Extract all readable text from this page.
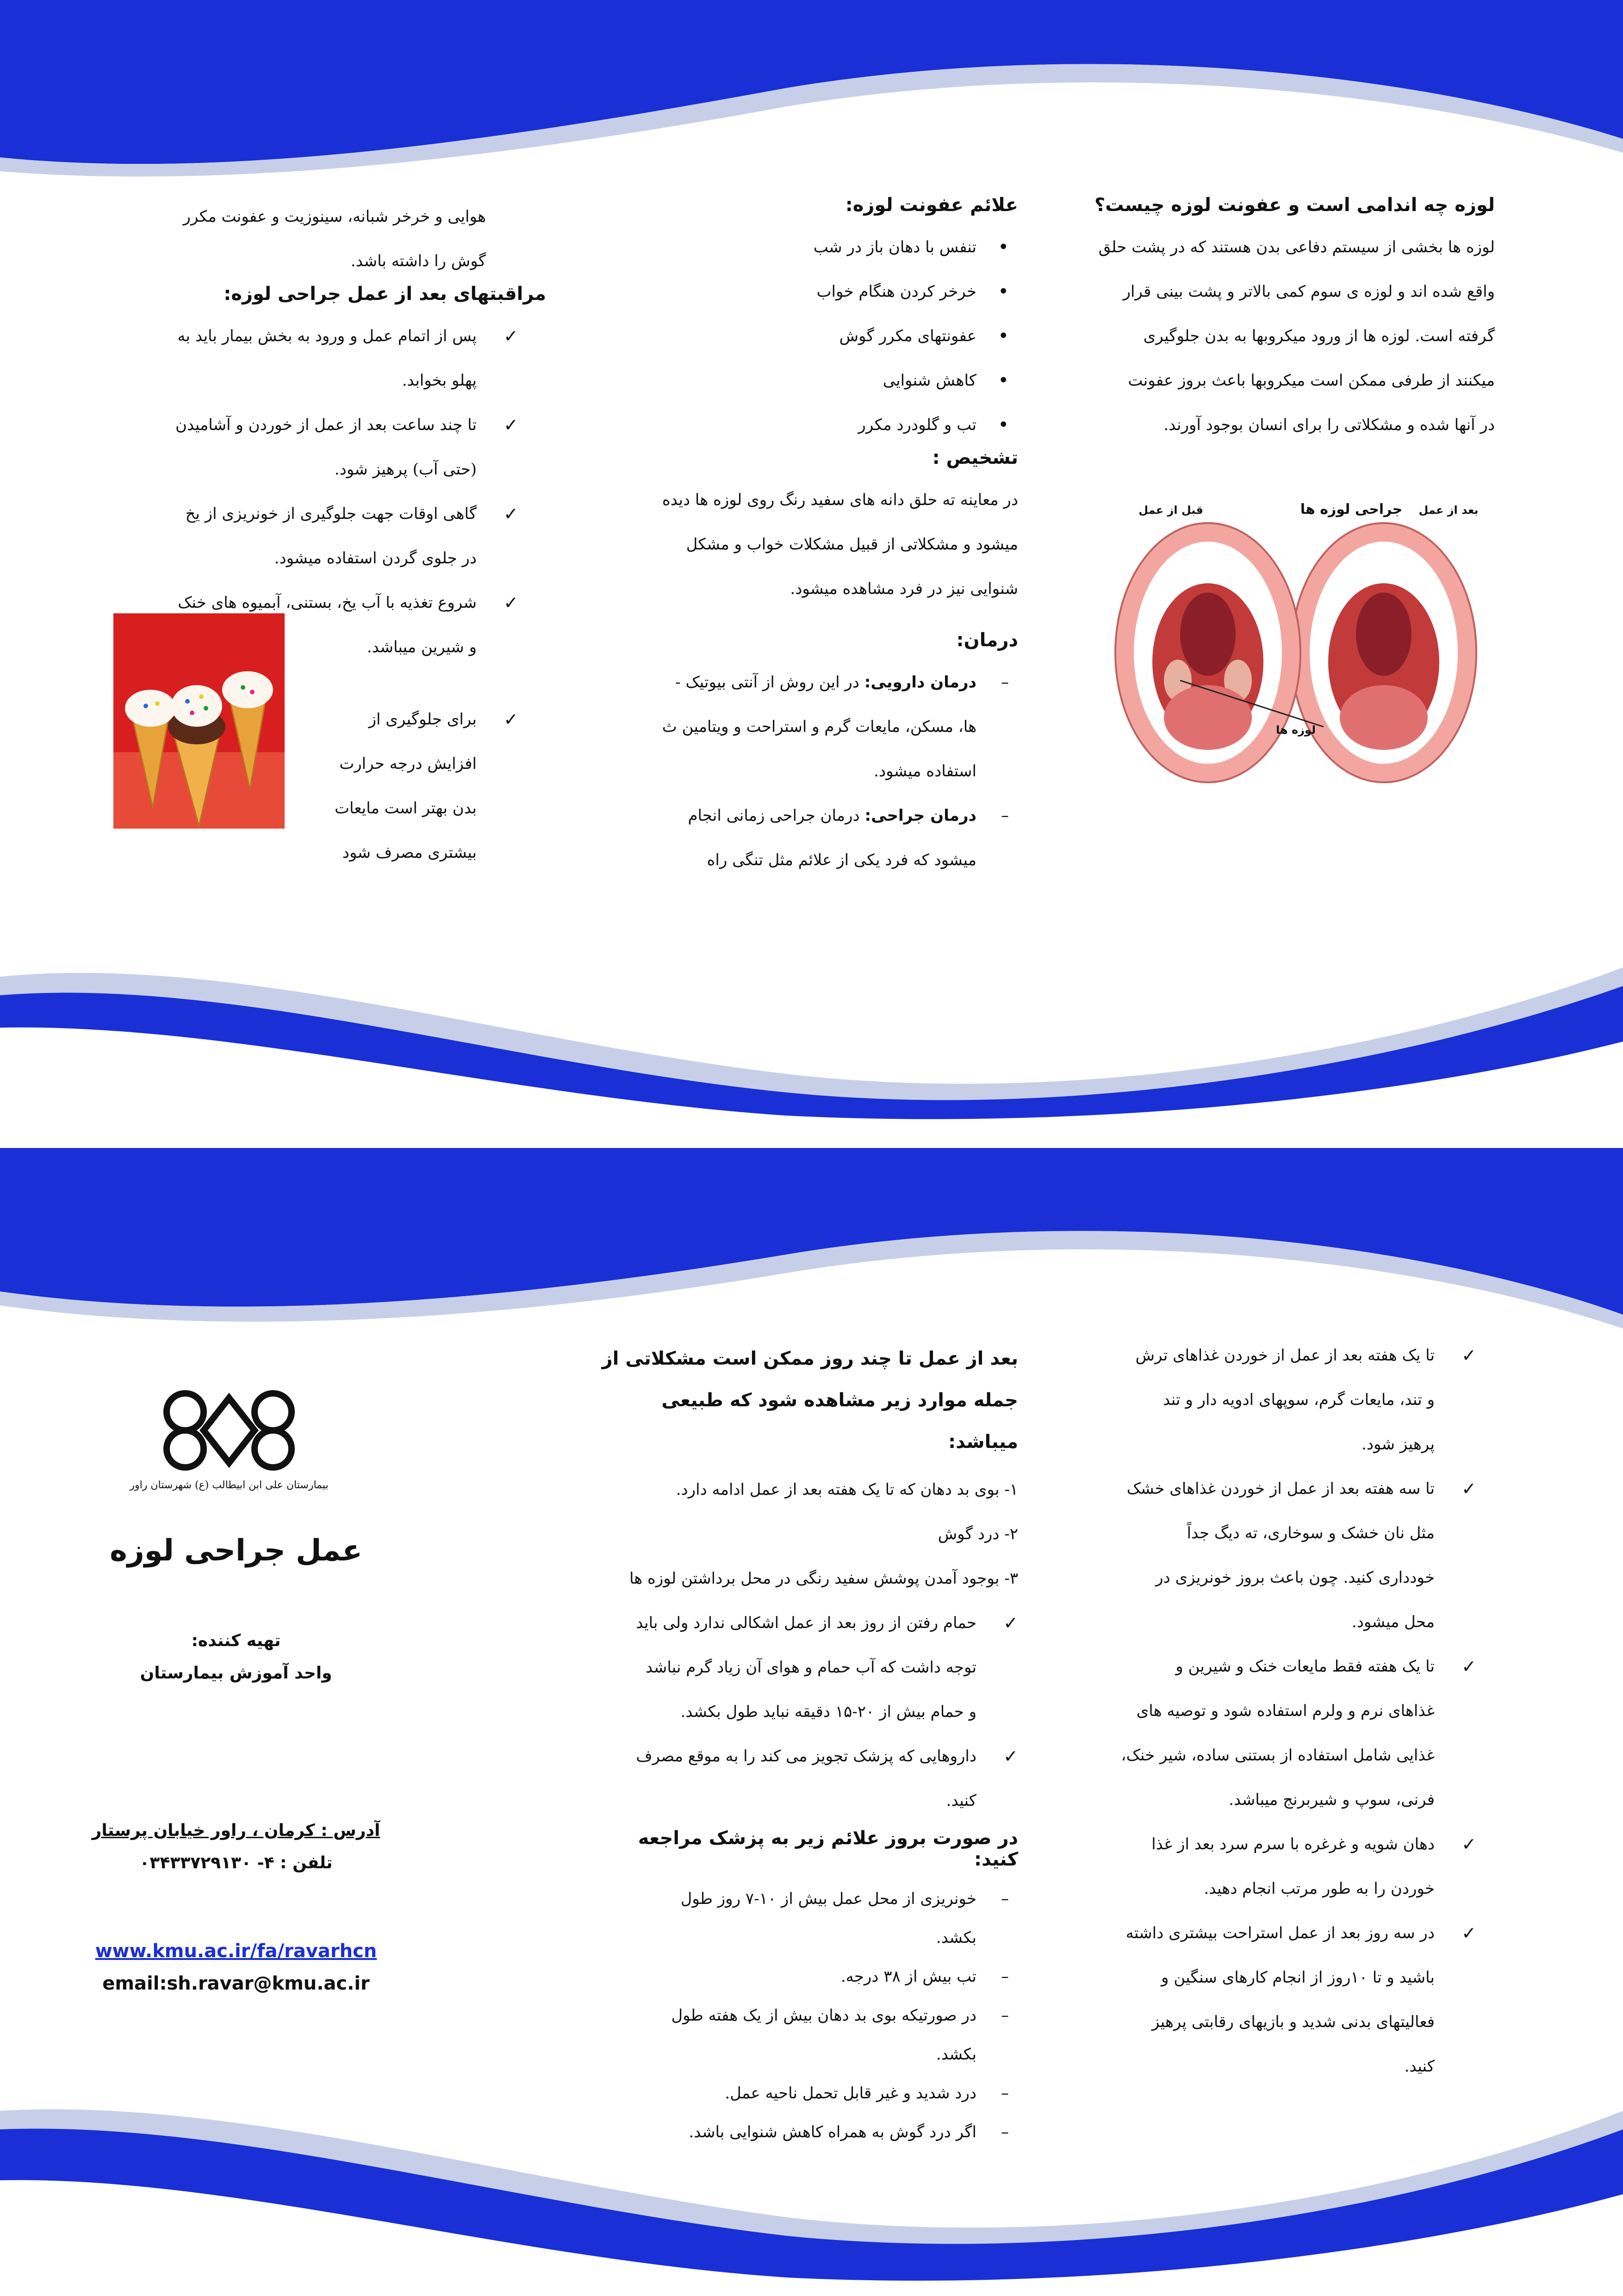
لوزه چه اندامی است و عفونت لوزه چیست؟

لوزه ها بخشی از سیستم دفاعی بدن هستند که در پشت حلق

واقع شده اند و لوزه ی سوم کمی بالاتر و پشت بینی قرار

گرفته است. لوزه ها از ورود میکروبها به بدن جلوگیری

میکنند از طرفی ممکن است میکروبها باعث بروز عفونت

در آنها شده و مشکلاتی را برای انسان بوجود آورند.

جراحی لوزه ها بعد از عمل
قبل از عمل
لوزه ها
علائم عفونت لوزه:
•
تنفس با دهان باز در شب
•
خرخر کردن هنگام خواب
•
عفونتهای مکرر گوش
•
کاهش شنوایی
•
تب و گلودرد مکرر
تشخیص :

در معاینه ته حلق دانه های سفید رنگ روی لوزه ها دیده

میشود و مشکلاتی از قبیل مشکلات خواب و مشکل

شنوایی نیز در فرد مشاهده میشود.

درمان:
–
درمان دارویی: در این روش از آنتی بیوتیک -
ها، مسکن، مایعات گرم و استراحت و ویتامین ث
استفاده میشود.
–
درمان جراحی: درمان جراحی زمانی انجام
میشود که فرد یکی از علائم مثل تنگی راه

هوایی و خرخر شبانه، سینوزیت و عفونت مکرر

گوش را داشته باشد.

مراقبتهای بعد از عمل جراحی لوزه:
✓
پس از اتمام عمل و ورود به بخش بیمار باید به
پهلو بخوابد.
✓
تا چند ساعت بعد از عمل از خوردن و آشامیدن
(حتی آب) پرهیز شود.
✓
گاهی اوقات جهت جلوگیری از خونریزی از یخ
در جلوی گردن استفاده میشود.
✓
شروع تغذیه با آب یخ، بستنی، آبمیوه های خنک
و شیرین میباشد.
✓
برای جلوگیری از
افزایش درجه حرارت
بدن بهتر است مایعات
بیشتری مصرف شود
✓
تا یک هفته بعد از عمل از خوردن غذاهای ترش
و تند، مایعات گرم، سوپهای ادویه دار و تند
پرهیز شود.
✓
تا سه هفته بعد از عمل از خوردن غذاهای خشک
مثل نان خشک و سوخاری، ته دیگ جداً
خودداری کنید. چون باعث بروز خونریزی در
محل میشود.
✓
تا یک هفته فقط مایعات خنک و شیرین و
غذاهای نرم و ولرم استفاده شود و توصیه های
غذایی شامل استفاده از بستنی ساده، شیر خنک،
فرنی، سوپ و شیربرنج میباشد.
✓
دهان شویه و غرغره با سرم سرد بعد از غذا
خوردن را به طور مرتب انجام دهید.
✓
در سه روز بعد از عمل استراحت بیشتری داشته
باشید و تا ۱۰روز از انجام کارهای سنگین و
فعالیتهای بدنی شدید و بازیهای رقابتی پرهیز
کنید.
بعد از عمل تا چند روز ممکن است مشکلاتی از
جمله موارد زیر مشاهده شود که طبیعی میباشد:

۱- بوی بد دهان که تا یک هفته بعد از عمل ادامه دارد.

۲- درد گوش

۳- بوجود آمدن پوشش سفید رنگی در محل برداشتن لوزه ها

✓
حمام رفتن از روز بعد از عمل اشکالی ندارد ولی باید
توجه داشت که آب حمام و هوای آن زیاد گرم نباشد
و حمام بیش از ۲۰-۱۵ دقیقه نباید طول بکشد.
✓
داروهایی که پزشک تجویز می کند را به موقع مصرف
کنید.
در صورت بروز علائم زیر به پزشک مراجعه کنید:
–
خونریزی از محل عمل بیش از ۱۰-۷ روز طول
بکشد.
–
تب بیش از ۳۸ درجه.
–
در صورتیکه بوی بد دهان بیش از یک هفته طول
بکشد.
–
درد شدید و غیر قابل تحمل ناحیه عمل.
–
اگر درد گوش به همراه کاهش شنوایی باشد.
بیمارستان علی ابن ابیطالب (ع) شهرستان راور
عمل جراحی لوزه
تهیه کننده:
واحد آموزش بیمارستان
آدرس : کرمان ، راور خیابان پرستار
تلفن : ۴- ۰۳۴۳۳۷۲۹۱۳۰
www.kmu.ac.ir/fa/ravarhcn
email:sh.ravar@kmu.ac.ir
